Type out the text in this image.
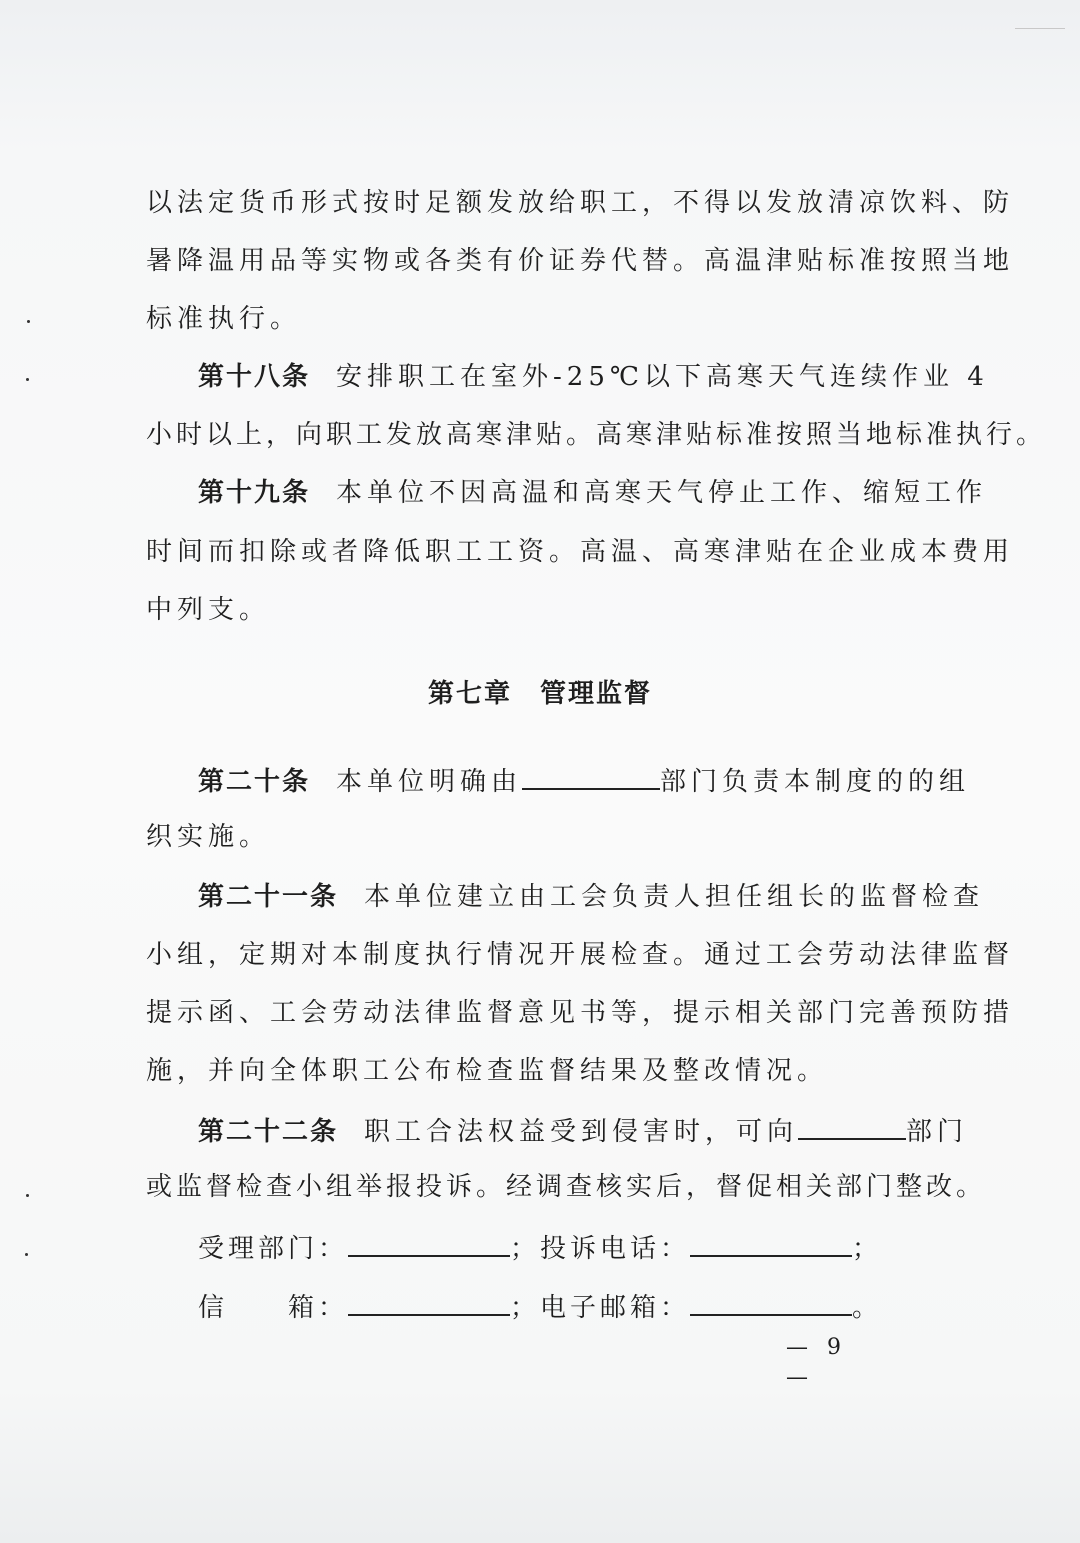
以法定货币形式按时足额发放给职工，不得以发放清凉饮料、防
暑降温用品等实物或各类有价证券代替。高温津贴标准按照当地
标准执行。
第十八条 安排职工在室外-25℃以下高寒天气连续作业 4
小时以上，向职工发放高寒津贴。高寒津贴标准按照当地标准执行。
第十九条 本单位不因高温和高寒天气停止工作、缩短工作
时间而扣除或者降低职工工资。高温、高寒津贴在企业成本费用
中列支。
第七章 管理监督
第二十条 本单位明确由	部门负责本制度的的组
织实施。
第二十一条 本单位建立由工会负责人担任组长的监督检查
小组，定期对本制度执行情况开展检查。通过工会劳动法律监督
提示函、工会劳动法律监督意见书等，提示相关部门完善预防措
施，并向全体职工公布检查监督结果及整改情况。
第二十二条 职工合法权益受到侵害时，可向	部门
或监督检查小组举报投诉。经调查核实后，督促相关部门整改。
受理部门：	；投诉电话：	；
信　　箱：	；电子邮箱：	。
— 9 —
